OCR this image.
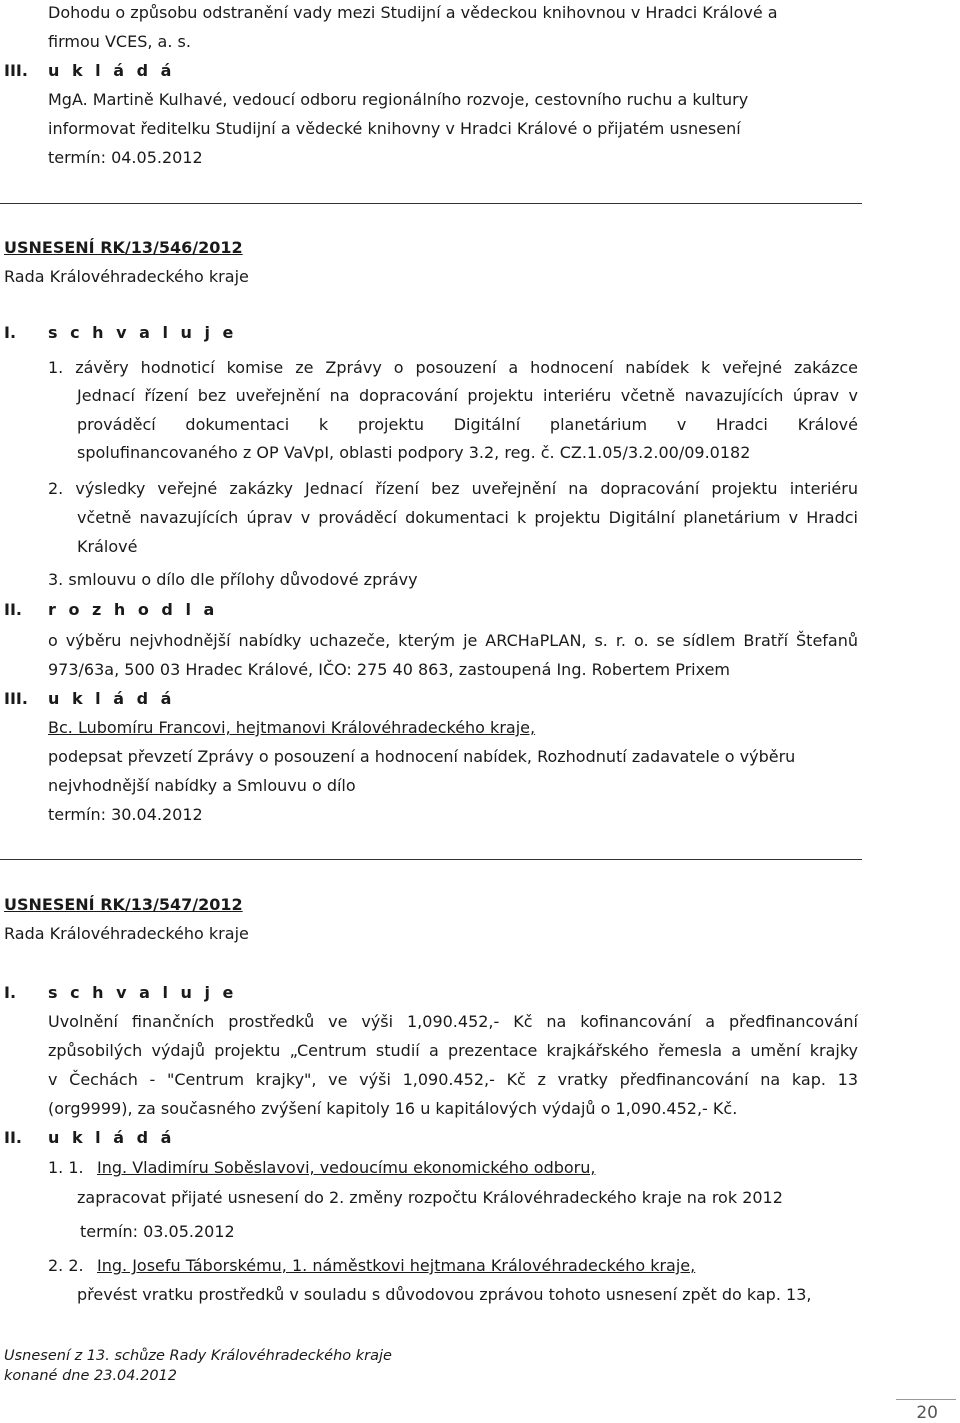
Dohodu o způsobu odstranění vady mezi Studijní a vědeckou knihovnou v Hradci Králové a
firmou VCES, a. s.
III. u k l á d á
MgA. Martině Kulhavé, vedoucí odboru regionálního rozvoje, cestovního ruchu a kultury
informovat ředitelku Studijní a vědecké knihovny v Hradci Králové o přijatém usnesení
termín: 04.05.2012
USNESENÍ RK/13/546/2012
Rada Královéhradeckého kraje
I. s c h v a l u j e
1. závěry hodnoticí komise ze Zprávy o posouzení a hodnocení nabídek k veřejné zakázce
Jednací řízení bez uveřejnění na dopracování projektu interiéru včetně navazujících úprav v
prováděcí dokumentaci k projektu Digitální planetárium v Hradci Králové
spolufinancovaného z OP VaVpI, oblasti podpory 3.2, reg. č. CZ.1.05/3.2.00/09.0182
2. výsledky veřejné zakázky Jednací řízení bez uveřejnění na dopracování projektu interiéru
včetně navazujících úprav v prováděcí dokumentaci k projektu Digitální planetárium v Hradci
Králové
3. smlouvu o dílo dle přílohy důvodové zprávy
II. r o z h o d l a
o výběru nejvhodnější nabídky uchazeče, kterým je ARCHaPLAN, s. r. o. se sídlem Bratří Štefanů
973/63a, 500 03 Hradec Králové, IČO: 275 40 863, zastoupená Ing. Robertem Prixem
III. u k l á d á
Bc. Lubomíru Francovi, hejtmanovi Královéhradeckého kraje,
podepsat převzetí Zprávy o posouzení a hodnocení nabídek, Rozhodnutí zadavatele o výběru
nejvhodnější nabídky a Smlouvu o dílo
termín: 30.04.2012
USNESENÍ RK/13/547/2012
Rada Královéhradeckého kraje
I. s c h v a l u j e
Uvolnění finančních prostředků ve výši 1,090.452,- Kč na kofinancování a předfinancování
způsobilých výdajů projektu „Centrum studií a prezentace krajkářského řemesla a umění krajky
v Čechách - "Centrum krajky", ve výši 1,090.452,- Kč z vratky předfinancování na kap. 13
(org9999), za současného zvýšení kapitoly 16 u kapitálových výdajů o 1,090.452,- Kč.
II. u k l á d á
1. 1. Ing. Vladimíru Soběslavovi, vedoucímu ekonomického odboru,
zapracovat přijaté usnesení do 2. změny rozpočtu Královéhradeckého kraje na rok 2012
termín: 03.05.2012
2. 2. Ing. Josefu Táborskému, 1. náměstkovi hejtmana Královéhradeckého kraje,
převést vratku prostředků v souladu s důvodovou zprávou tohoto usnesení zpět do kap. 13,
Usnesení z 13. schůze Rady Královéhradeckého kraje
konané dne 23.04.2012
20
